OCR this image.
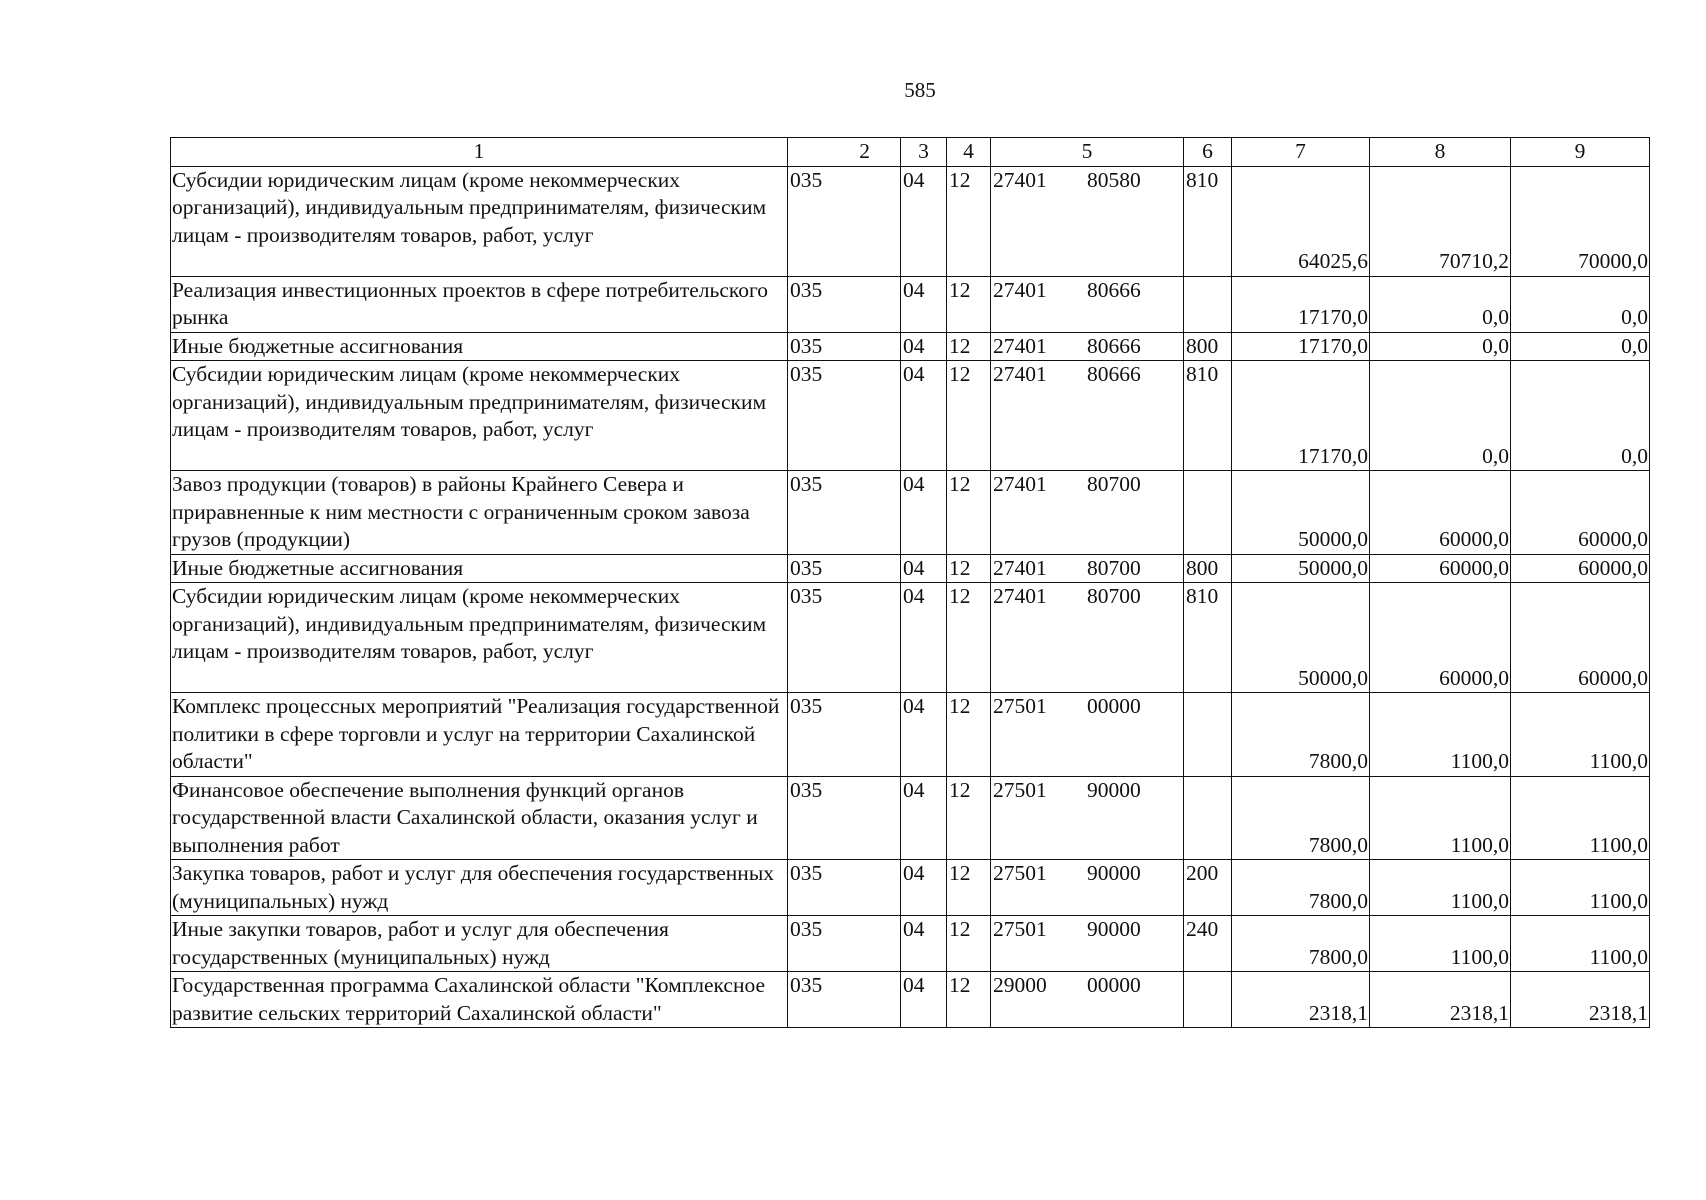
585
1	2	3	4	5	6	7	8	9
Субсидии юридическим лицам (кроме некоммерческих организаций), индивидуальным предпринимателям, физическим лицам - производителям товаров, работ, услуг	035	04	12	27401 80580	810	64025,6	70710,2	70000,0
Реализация инвестиционных проектов в сфере потребительского рынка	035	04	12	27401 80666		17170,0	0,0	0,0
Иные бюджетные ассигнования	035	04	12	27401 80666	800	17170,0	0,0	0,0
Субсидии юридическим лицам (кроме некоммерческих организаций), индивидуальным предпринимателям, физическим лицам - производителям товаров, работ, услуг	035	04	12	27401 80666	810	17170,0	0,0	0,0
Завоз продукции (товаров) в районы Крайнего Севера и приравненные к ним местности с ограниченным сроком завоза грузов (продукции)	035	04	12	27401 80700		50000,0	60000,0	60000,0
Иные бюджетные ассигнования	035	04	12	27401 80700	800	50000,0	60000,0	60000,0
Субсидии юридическим лицам (кроме некоммерческих организаций), индивидуальным предпринимателям, физическим лицам - производителям товаров, работ, услуг	035	04	12	27401 80700	810	50000,0	60000,0	60000,0
Комплекс процессных мероприятий "Реализация государственной политики в сфере торговли и услуг на территории Сахалинской области"	035	04	12	27501 00000		7800,0	1100,0	1100,0
Финансовое обеспечение выполнения функций органов государственной власти Сахалинской области, оказания услуг и выполнения работ	035	04	12	27501 90000		7800,0	1100,0	1100,0
Закупка товаров, работ и услуг для обеспечения государственных (муниципальных) нужд	035	04	12	27501 90000	200	7800,0	1100,0	1100,0
Иные закупки товаров, работ и услуг для обеспечения государственных (муниципальных) нужд	035	04	12	27501 90000	240	7800,0	1100,0	1100,0
Государственная программа Сахалинской области "Комплексное развитие сельских территорий Сахалинской области"	035	04	12	29000 00000		2318,1	2318,1	2318,1
